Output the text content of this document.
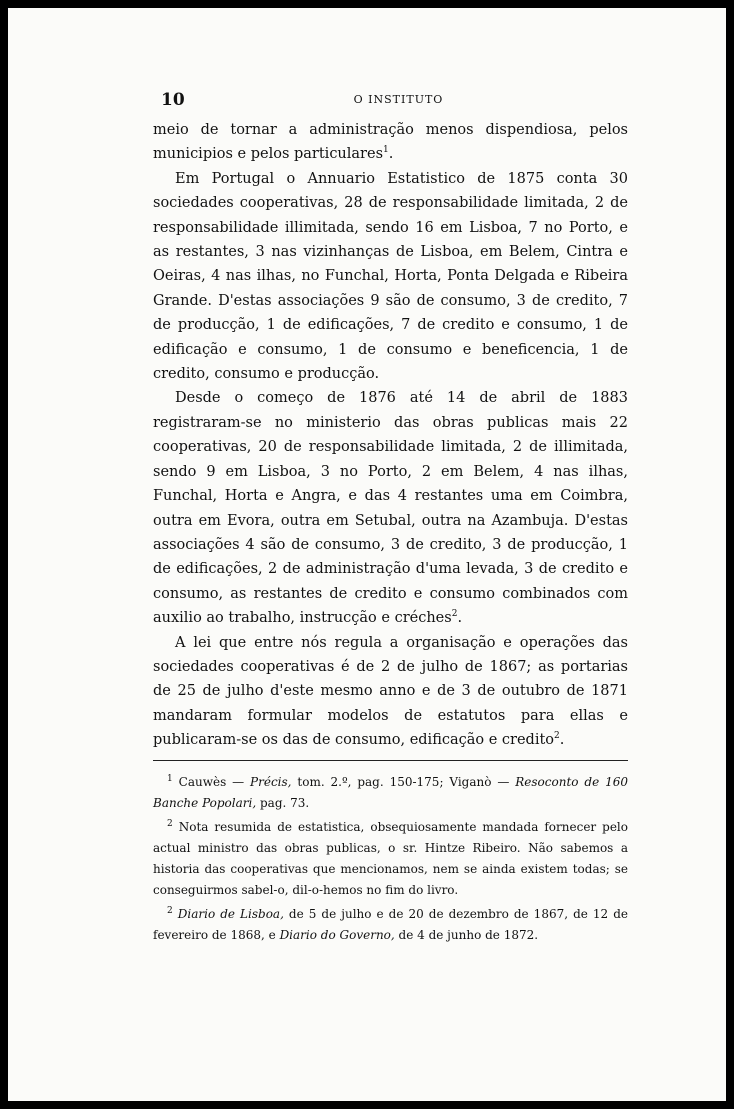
10	O INSTITUTO

meio de tornar a administração menos dispendiosa, pelos municipios e pelos particulares$^1$.

Em Portugal o Annuario Estatistico de 1875 conta 30 sociedades cooperativas, 28 de responsabilidade limitada, 2 de responsabilidade illimitada, sendo 16 em Lisboa, 7 no Porto, e as restantes, 3 nas vizinhanças de Lisboa, em Belem, Cintra e Oeiras, 4 nas ilhas, no Funchal, Horta, Ponta Delgada e Ribeira Grande. D'estas associações 9 são de consumo, 3 de credito, 7 de producção, 1 de edificações, 7 de credito e consumo, 1 de edificação e consumo, 1 de consumo e beneficencia, 1 de credito, consumo e producção.

Desde o começo de 1876 até 14 de abril de 1883 registraram-se no ministerio das obras publicas mais 22 cooperativas, 20 de responsabilidade limitada, 2 de illimitada, sendo 9 em Lisboa, 3 no Porto, 2 em Belem, 4 nas ilhas, Funchal, Horta e Angra, e das 4 restantes uma em Coimbra, outra em Evora, outra em Setubal, outra na Azambuja. D'estas associações 4 são de consumo, 3 de credito, 3 de producção, 1 de edificações, 2 de administração d'uma levada, 3 de credito e consumo, as restantes de credito e consumo combinados com auxilio ao trabalho, instrucção e créches$^2$.

A lei que entre nós regula a organisação e operações das sociedades cooperativas é de 2 de julho de 1867; as portarias de 25 de julho d'este mesmo anno e de 3 de outubro de 1871 mandaram formular modelos de estatutos para ellas e publicaram-se os das de consumo, edificação e credito$^2$.

$^1$ Cauwès — Précis, tom. 2.º, pag. 150-175; Viganò — Resoconto de 160 Banche Popolari, pag. 73.

$^2$ Nota resumida de estatistica, obsequiosamente mandada fornecer pelo actual ministro das obras publicas, o sr. Hintze Ribeiro. Não sabemos a historia das cooperativas que mencionamos, nem se ainda existem todas; se conseguirmos sabel-o, dil-o-hemos no fim do livro.

$^2$ Diario de Lisboa, de 5 de julho e de 20 de dezembro de 1867, de 12 de fevereiro de 1868, e Diario do Governo, de 4 de junho de 1872.
